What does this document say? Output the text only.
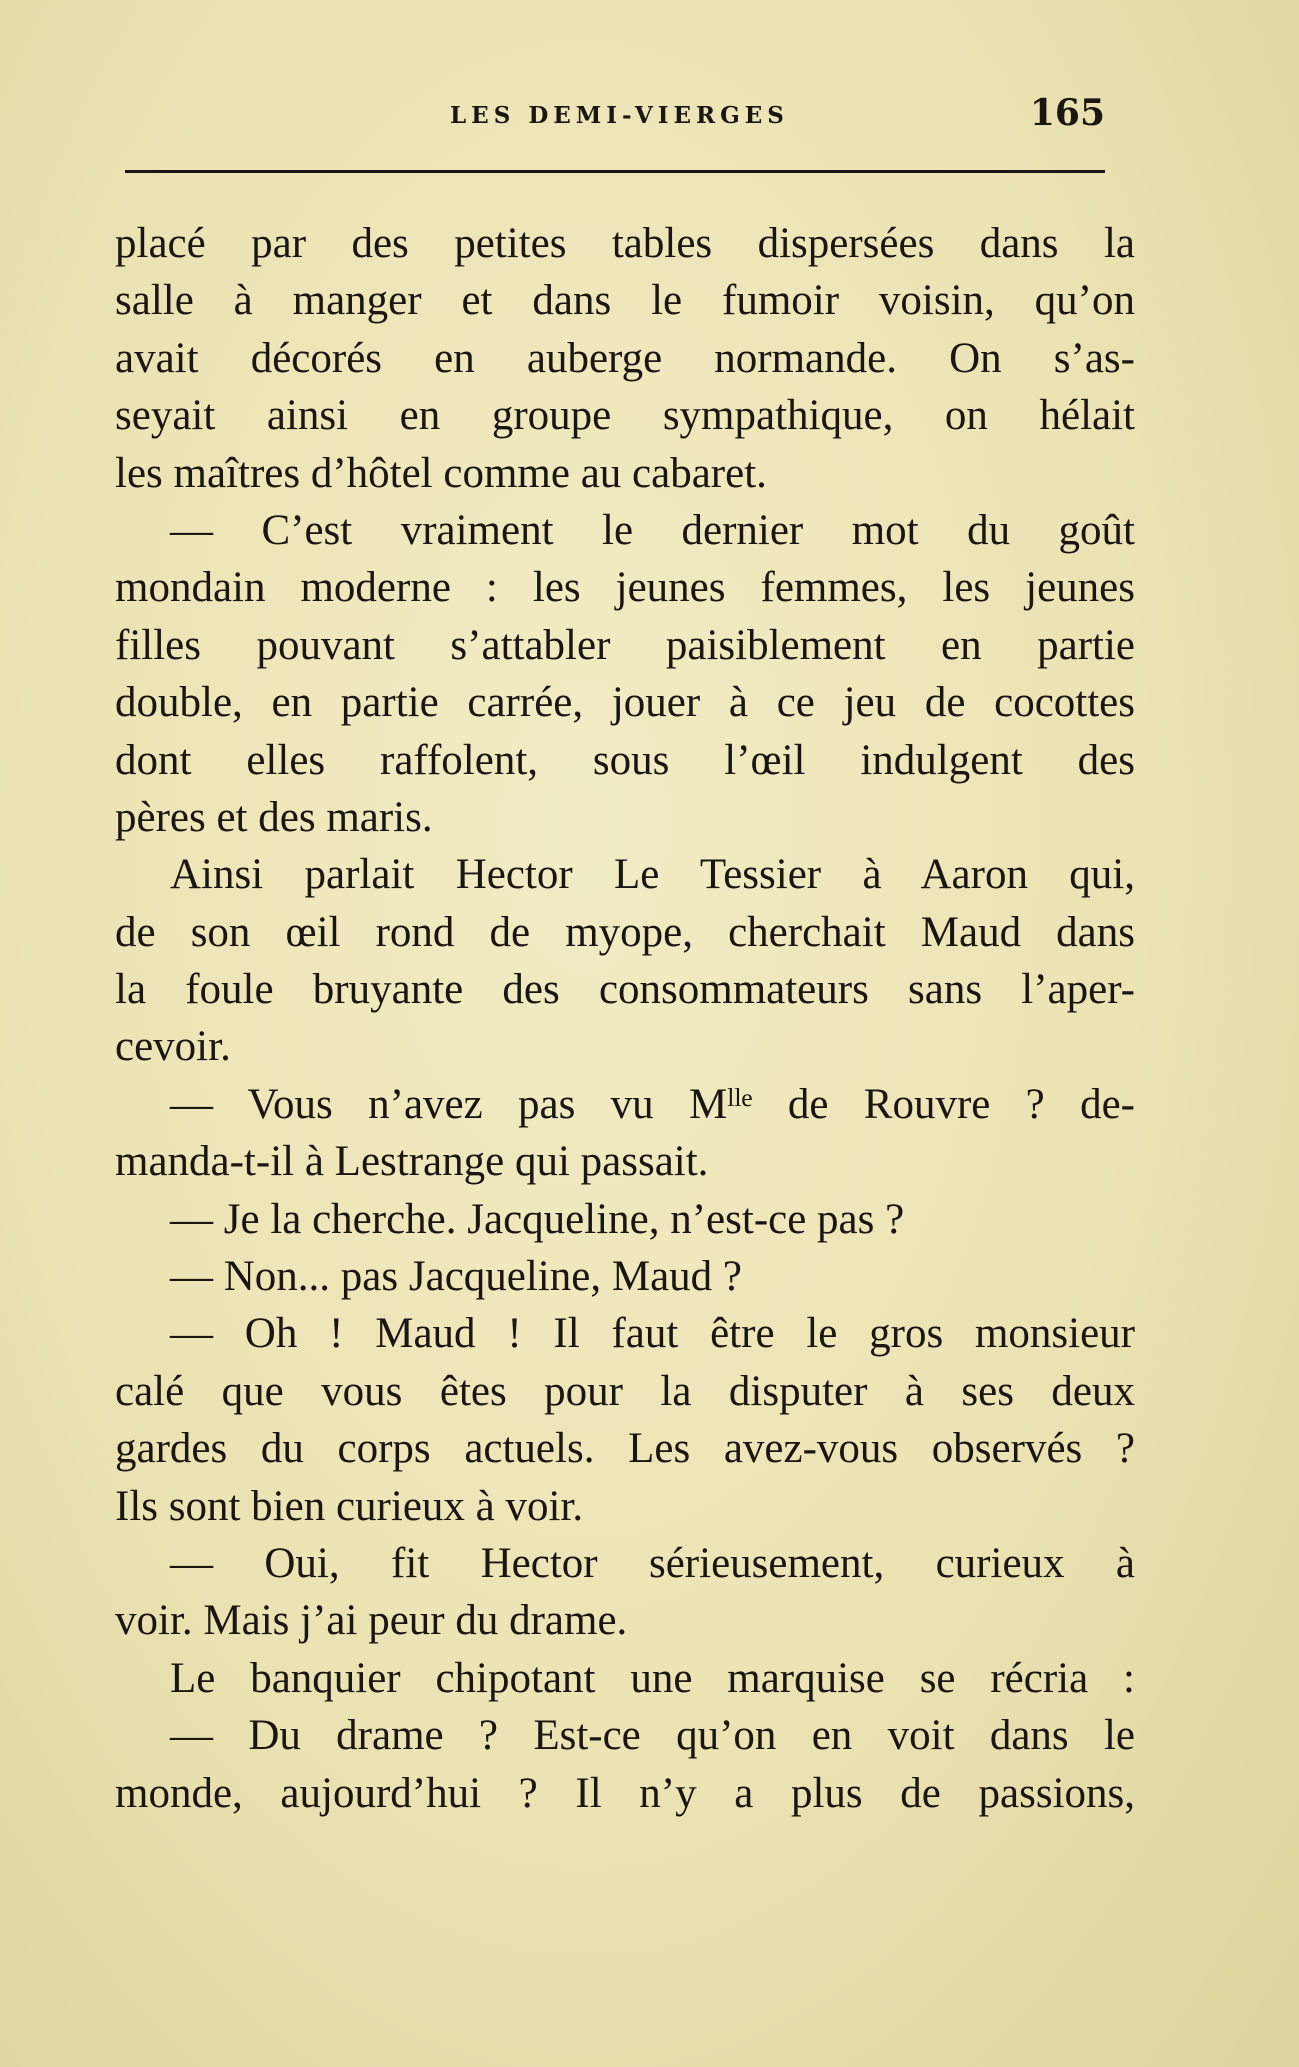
LES DEMI-VIERGES	165
placé par des petites tables dispersées dans la
salle à manger et dans le fumoir voisin, qu’on
avait décorés en auberge normande. On s’as-
seyait ainsi en groupe sympathique, on hélait
les maîtres d’hôtel comme au cabaret.
— C’est vraiment le dernier mot du goût
mondain moderne : les jeunes femmes, les jeunes
filles pouvant s’attabler paisiblement en partie
double, en partie carrée, jouer à ce jeu de cocottes
dont elles raffolent, sous l’œil indulgent des
pères et des maris.
Ainsi parlait Hector Le Tessier à Aaron qui,
de son œil rond de myope, cherchait Maud dans
la foule bruyante des consommateurs sans l’aper-
cevoir.
— Vous n’avez pas vu Mˡˡᵉ de Rouvre ? de-
manda-t-il à Lestrange qui passait.
— Je la cherche. Jacqueline, n’est-ce pas ?
— Non... pas Jacqueline, Maud ?
— Oh ! Maud ! Il faut être le gros monsieur
calé que vous êtes pour la disputer à ses deux
gardes du corps actuels. Les avez-vous observés ?
Ils sont bien curieux à voir.
— Oui, fit Hector sérieusement, curieux à
voir. Mais j’ai peur du drame.
Le banquier chipotant une marquise se récria :
— Du drame ? Est-ce qu’on en voit dans le
monde, aujourd’hui ? Il n’y a plus de passions,
